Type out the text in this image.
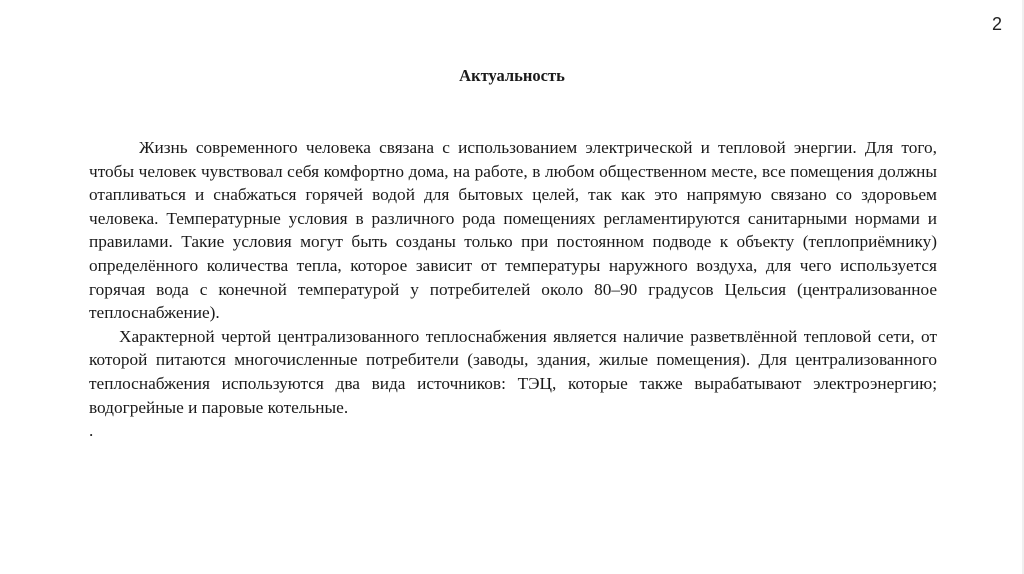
2
Актуальность

Жизнь современного человека связана с использованием электрической и тепловой энергии. Для того, чтобы человек чувствовал себя комфортно дома, на работе, в любом общественном месте, все помещения должны отапливаться и снабжаться горячей водой для бытовых целей, так как это напрямую связано со здоровьем человека. Температурные условия в различного рода помещениях регламентируются санитарными нормами и правилами. Такие условия могут быть созданы только при постоянном подводе к объекту (теплоприёмнику) определённого количества тепла, которое зависит от температуры наружного воздуха, для чего используется горячая вода с конечной температурой у потребителей около 80–90 градусов Цельсия (централизованное теплоснабжение).

Характерной чертой централизованного теплоснабжения является наличие разветвлённой тепловой сети, от которой питаются многочисленные потребители (заводы, здания, жилые помещения). Для централизованного теплоснабжения используются два вида источников: ТЭЦ, которые также вырабатывают электроэнергию; водогрейные и паровые котельные.

.
